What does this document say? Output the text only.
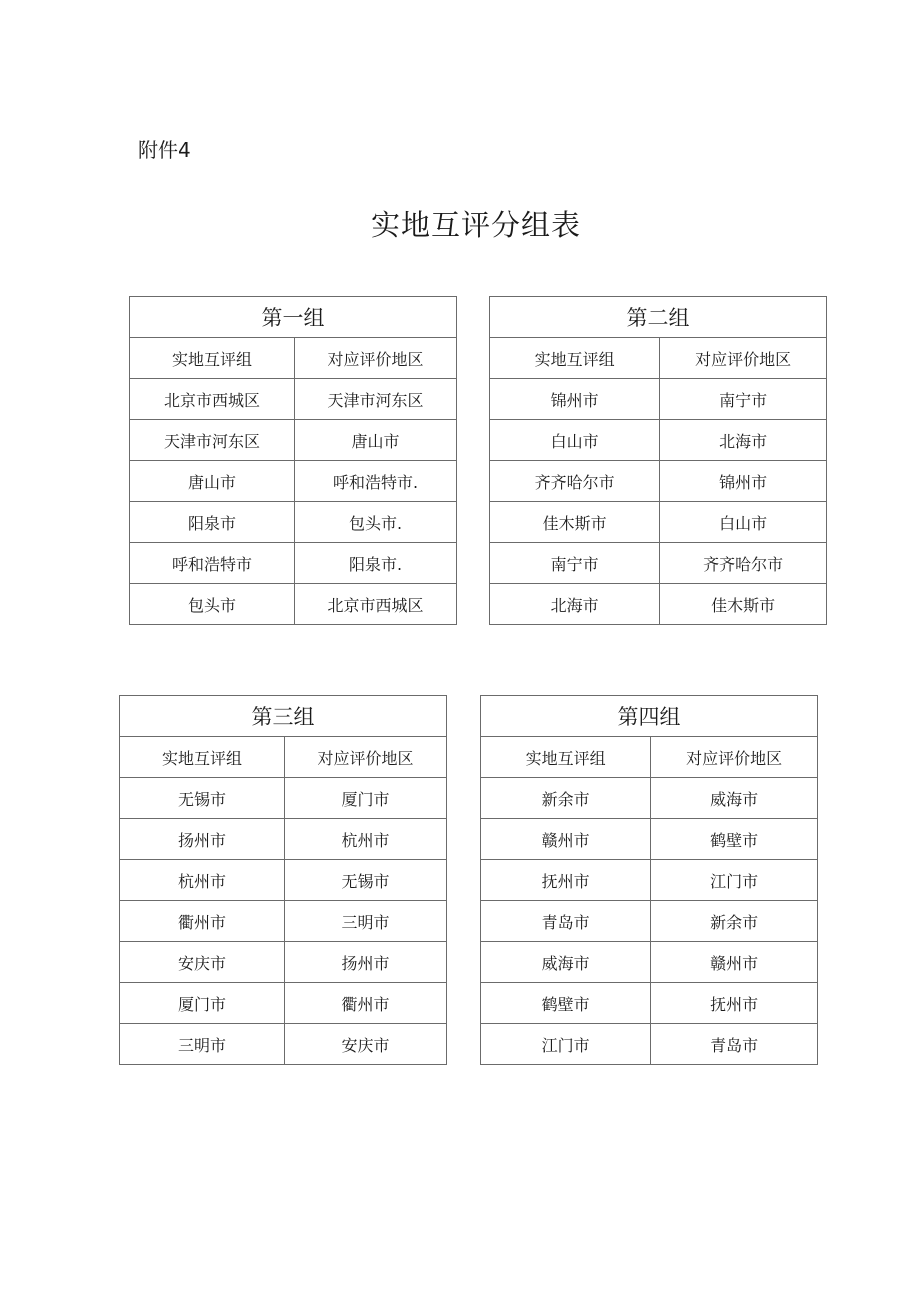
附件4
实地互评分组表
第一组	
实地互评组	对应评价地区
北京市西城区	天津市河东区
天津市河东区	唐山市
唐山市	呼和浩特市.
阳泉市	包头市.
呼和浩特市	阳泉市.
包头市	北京市西城区
第二组	
实地互评组	对应评价地区
锦州市	南宁市
白山市	北海市
齐齐哈尔市	锦州市
佳木斯市	白山市
南宁市	齐齐哈尔市
北海市	佳木斯市
第三组	
实地互评组	对应评价地区
无锡市	厦门市
扬州市	杭州市
杭州市	无锡市
衢州市	三明市
安庆市	扬州市
厦门市	衢州市
三明市	安庆市
第四组	
实地互评组	对应评价地区
新余市	威海市
赣州市	鹤壁市
抚州市	江门市
青岛市	新余市
威海市	赣州市
鹤壁市	抚州市
江门市	青岛市
